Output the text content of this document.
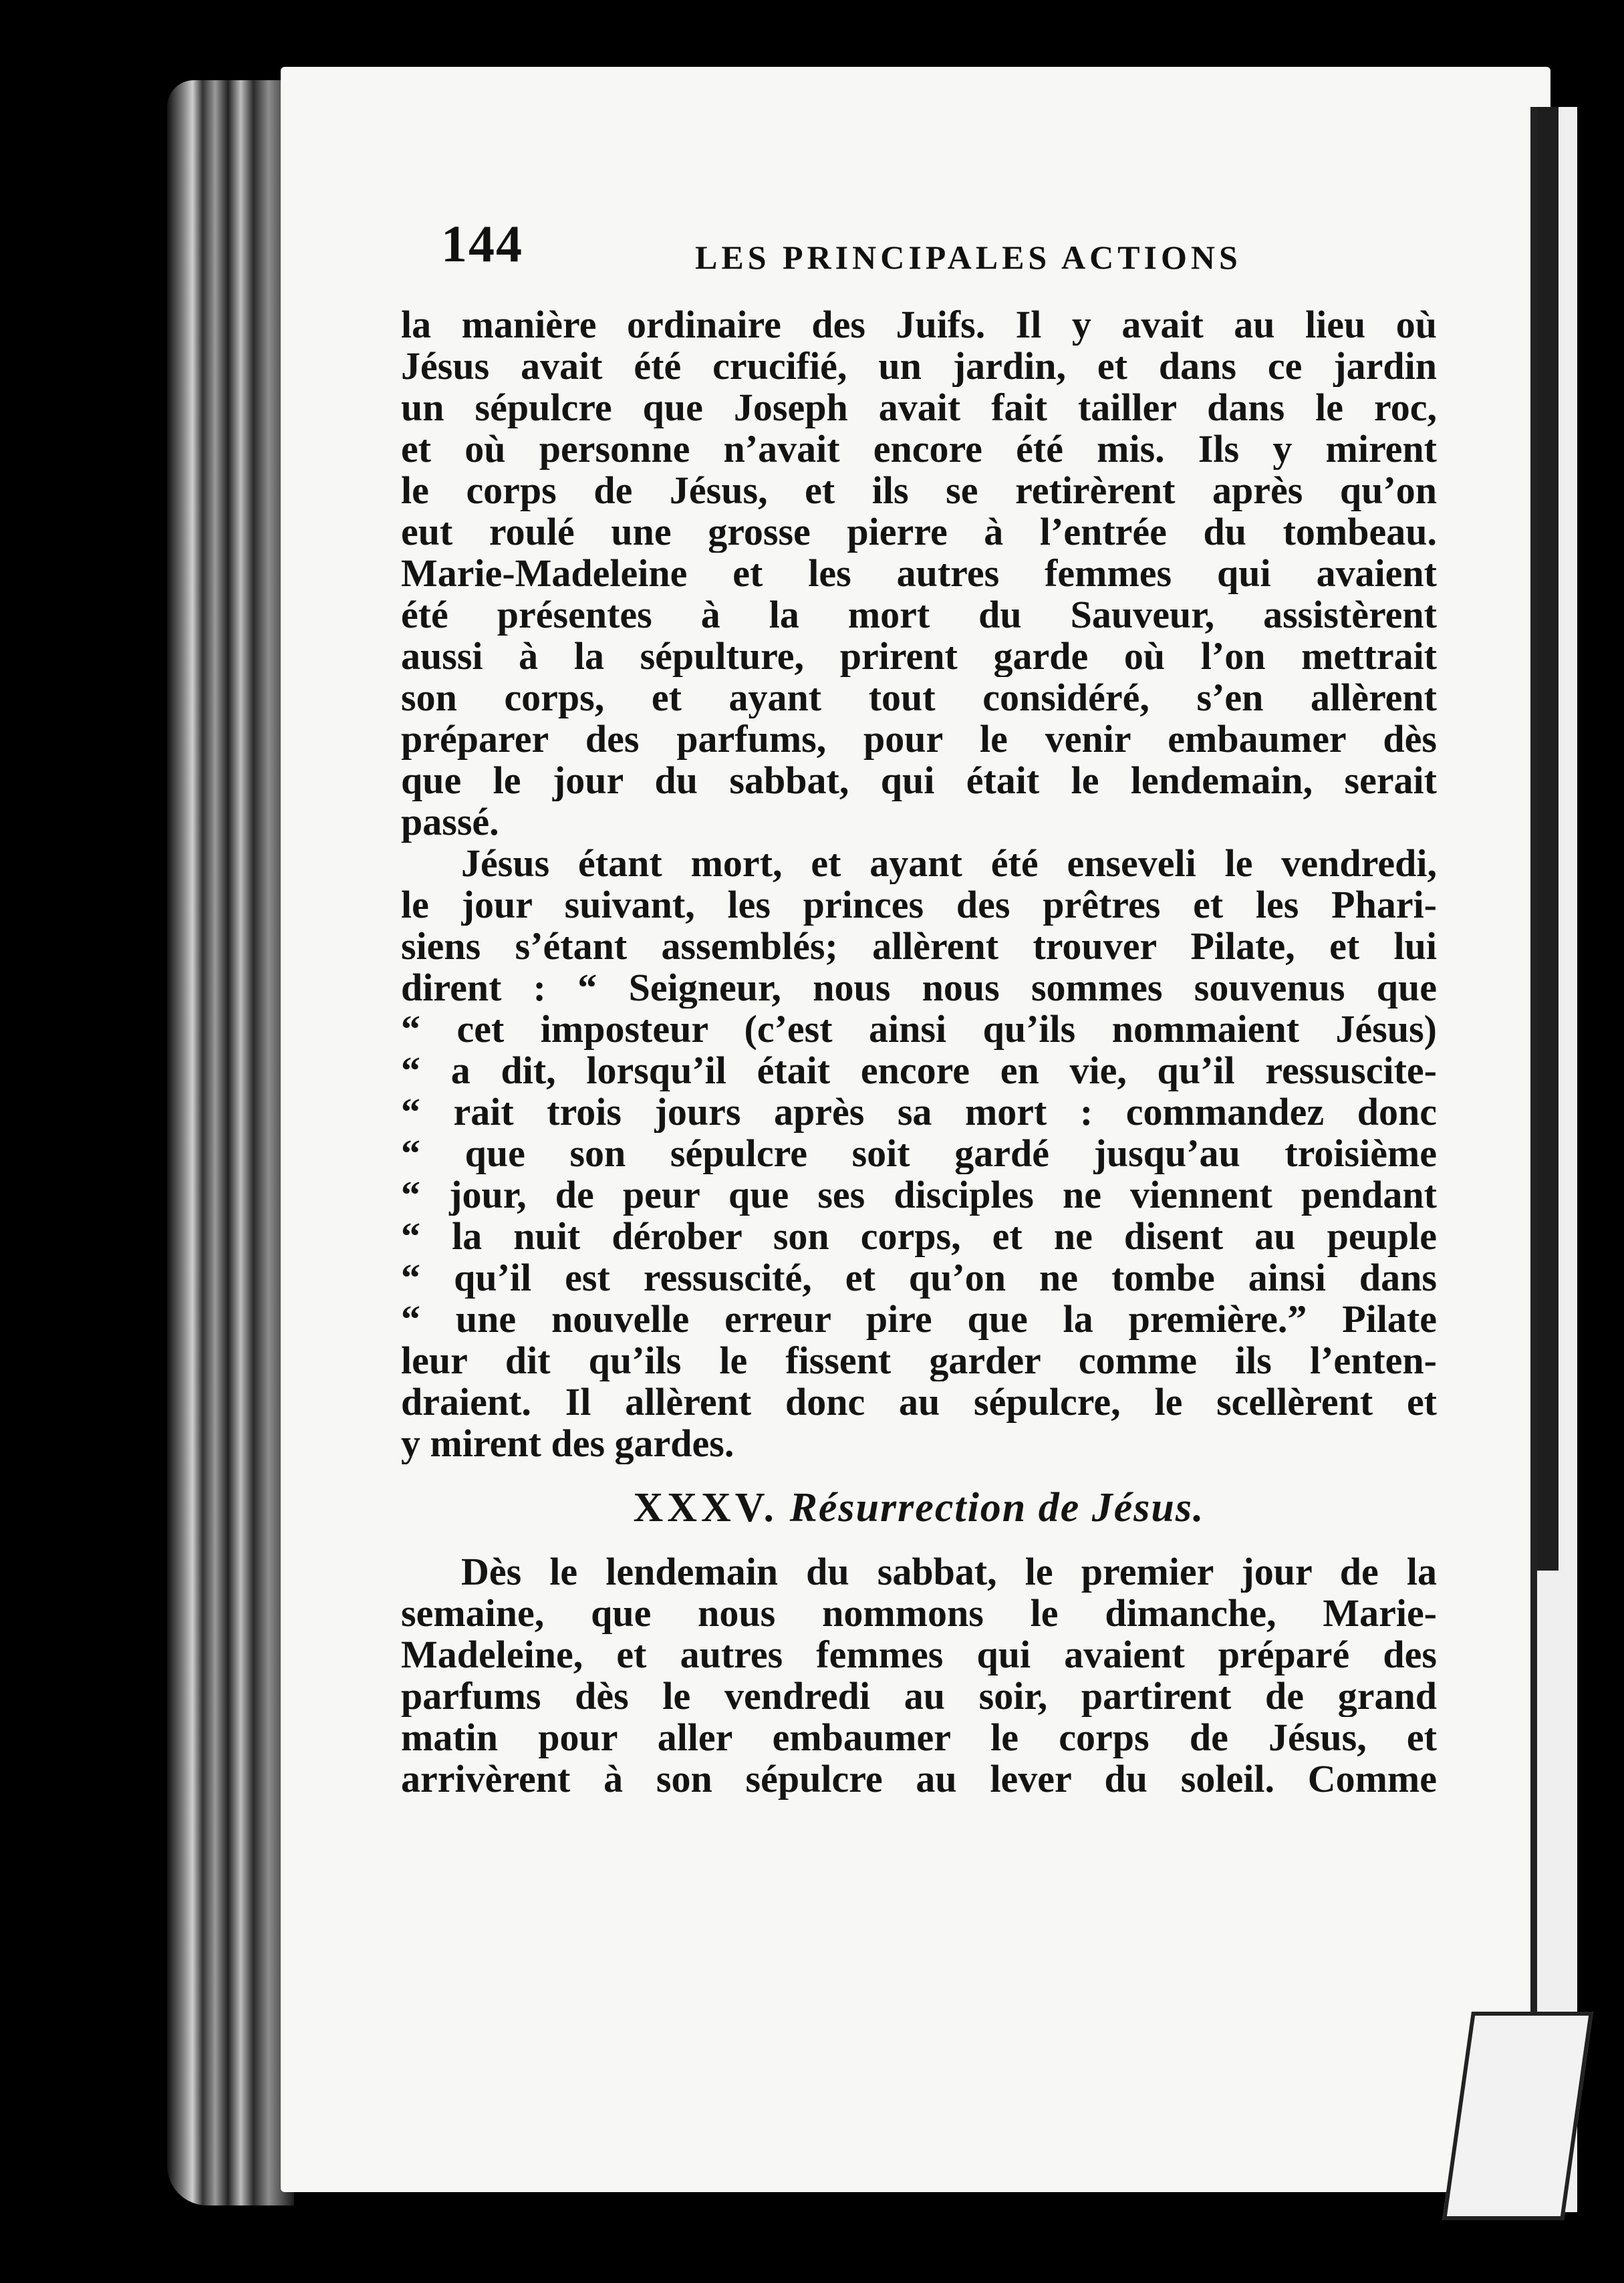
144	LES PRINCIPALES ACTIONS
la manière ordinaire des Juifs. Il y avait au lieu où
Jésus avait été crucifié, un jardin, et dans ce jardin
un sépulcre que Joseph avait fait tailler dans le roc,
et où personne n’avait encore été mis. Ils y mirent
le corps de Jésus, et ils se retirèrent après qu’on
eut roulé une grosse pierre à l’entrée du tombeau.
Marie-Madeleine et les autres femmes qui avaient
été présentes à la mort du Sauveur, assistèrent
aussi à la sépulture, prirent garde où l’on mettrait
son corps, et ayant tout considéré, s’en allèrent
préparer des parfums, pour le venir embaumer dès
que le jour du sabbat, qui était le lendemain, serait
passé.
Jésus étant mort, et ayant été enseveli le vendredi,
le jour suivant, les princes des prêtres et les Phari-
siens s’étant assemblés; allèrent trouver Pilate, et lui
dirent : “ Seigneur, nous nous sommes souvenus que
“ cet imposteur (c’est ainsi qu’ils nommaient Jésus)
“ a dit, lorsqu’il était encore en vie, qu’il ressuscite-
“ rait trois jours après sa mort : commandez donc
“ que son sépulcre soit gardé jusqu’au troisième
“ jour, de peur que ses disciples ne viennent pendant
“ la nuit dérober son corps, et ne disent au peuple
“ qu’il est ressuscité, et qu’on ne tombe ainsi dans
“ une nouvelle erreur pire que la première.” Pilate
leur dit qu’ils le fissent garder comme ils l’enten-
draient. Il allèrent donc au sépulcre, le scellèrent et
y mirent des gardes.
XXXV. Résurrection de Jésus.
Dès le lendemain du sabbat, le premier jour de la
semaine, que nous nommons le dimanche, Marie-
Madeleine, et autres femmes qui avaient préparé des
parfums dès le vendredi au soir, partirent de grand
matin pour aller embaumer le corps de Jésus, et
arrivèrent à son sépulcre au lever du soleil. Comme
